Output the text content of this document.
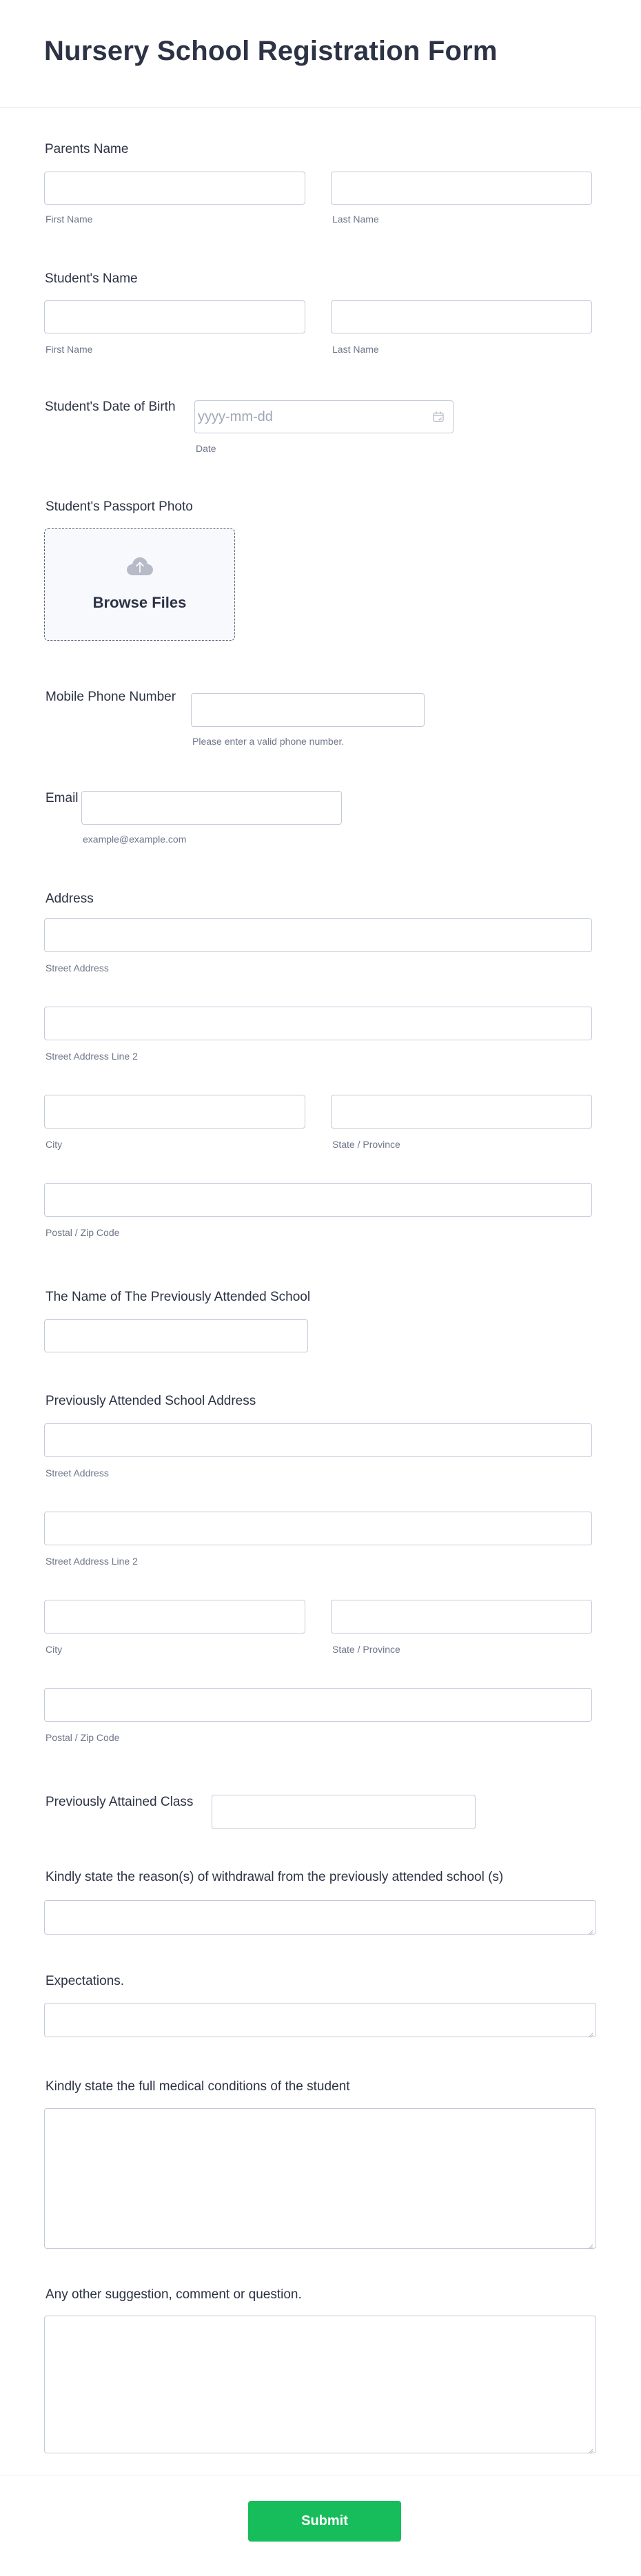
Nursery School Registration Form
Parents Name
First Name	Last Name
Student's Name
First Name	Last Name
Student's Date of Birth
yyyy-mm-dd
Date
Student's Passport Photo
Browse Files
Mobile Phone Number
Please enter a valid phone number.
Email
example@example.com
Address
Street Address
Street Address Line 2
City	State / Province
Postal / Zip Code
The Name of The Previously Attended School
Previously Attended School Address
Street Address
Street Address Line 2
City	State / Province
Postal / Zip Code
Previously Attained Class
Kindly state the reason(s) of withdrawal from the previously attended school (s)
Expectations.
Kindly state the full medical conditions of the student
Any other suggestion, comment or question.
Submit
